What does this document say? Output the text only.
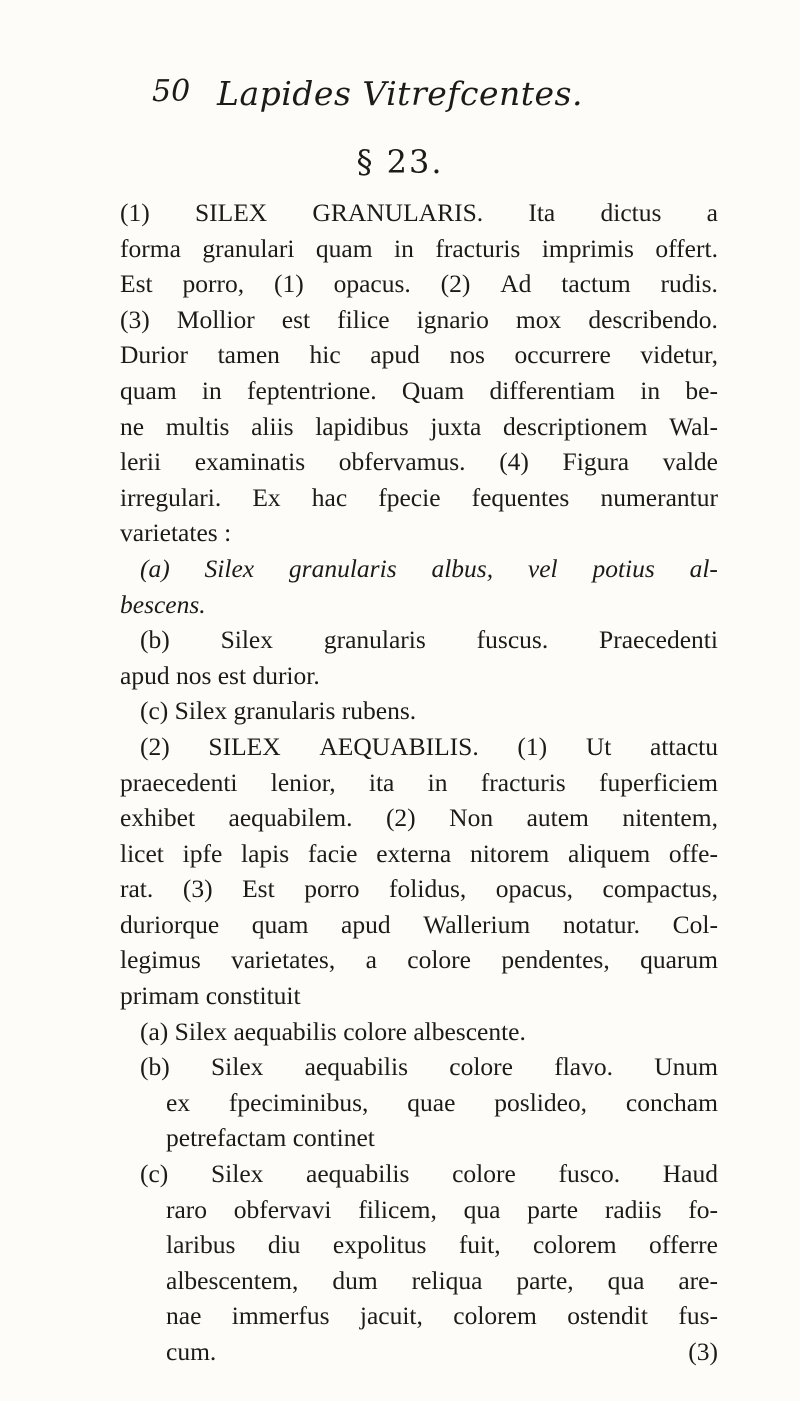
50 Lapides Vitrefcentes.
§ 23.
(1) SILEX GRANULARIS. Ita dictus a
forma granulari quam in fracturis imprimis offert.
Est porro, (1) opacus. (2) Ad tactum rudis.
(3) Mollior est filice ignario mox describendo.
Durior tamen hic apud nos occurrere videtur,
quam in feptentrione. Quam differentiam in be-
ne multis aliis lapidibus juxta descriptionem Wal-
lerii examinatis obfervamus. (4) Figura valde
irregulari. Ex hac fpecie fequentes numerantur
varietates :
(a) Silex granularis albus, vel potius al-
bescens.
(b) Silex granularis fuscus. Praecedenti
apud nos est durior.
(c) Silex granularis rubens.
(2) SILEX AEQUABILIS. (1) Ut attactu
praecedenti lenior, ita in fracturis fuperficiem
exhibet aequabilem. (2) Non autem nitentem,
licet ipfe lapis facie externa nitorem aliquem offe-
rat. (3) Est porro folidus, opacus, compactus,
duriorque quam apud Wallerium notatur. Col-
legimus varietates, a colore pendentes, quarum
primam constituit
(a) Silex aequabilis colore albescente.
(b) Silex aequabilis colore flavo. Unum
ex fpeciminibus, quae poslideo, concham
petrefactam continet
(c) Silex aequabilis colore fusco. Haud
raro obfervavi filicem, qua parte radiis fo-
laribus diu expolitus fuit, colorem offerre
albescentem, dum reliqua parte, qua are-
nae immerfus jacuit, colorem ostendit fus-
cum.	(3)
